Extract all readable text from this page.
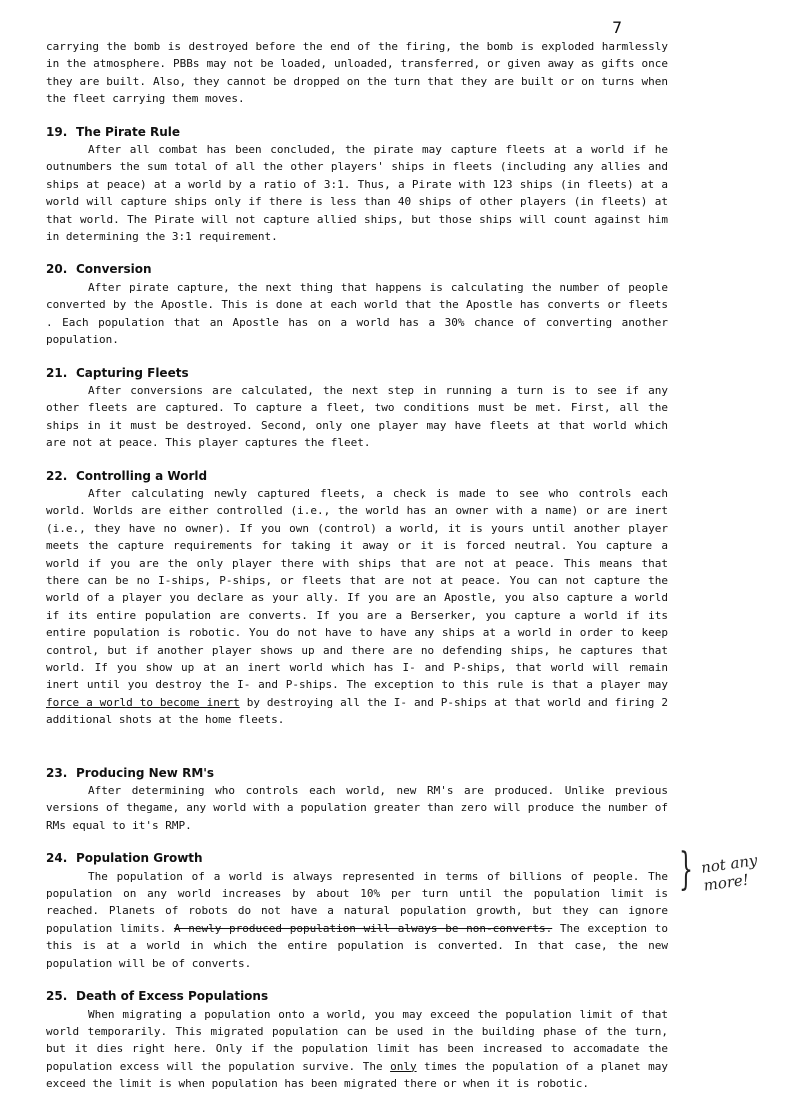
7

carrying the bomb is destroyed before the end of the firing, the bomb is exploded harmlessly in the atmosphere. PBBs may not be loaded, unloaded, transferred, or given away as gifts once they are built. Also, they cannot be dropped on the turn that they are built or on turns when the fleet carrying them moves.

19. The Pirate Rule

After all combat has been concluded, the pirate may capture fleets at a world if he outnumbers the sum total of all the other players' ships in fleets (including any allies and ships at peace) at a world by a ratio of 3:1. Thus, a Pirate with 123 ships (in fleets) at a world will capture ships only if there is less than 40 ships of other players (in fleets) at that world. The Pirate will not capture allied ships, but those ships will count against him in determining the 3:1 requirement.

20. Conversion

After pirate capture, the next thing that happens is calculating the number of people converted by the Apostle. This is done at each world that the Apostle has converts or fleets . Each population that an Apostle has on a world has a 30% chance of converting another population.

21. Capturing Fleets

After conversions are calculated, the next step in running a turn is to see if any other fleets are captured. To capture a fleet, two conditions must be met. First, all the ships in it must be destroyed. Second, only one player may have fleets at that world which are not at peace. This player captures the fleet.

22. Controlling a World

After calculating newly captured fleets, a check is made to see who controls each world. Worlds are either controlled (i.e., the world has an owner with a name) or are inert (i.e., they have no owner). If you own (control) a world, it is yours until another player meets the capture requirements for taking it away or it is forced neutral. You capture a world if you are the only player there with ships that are not at peace. This means that there can be no I-ships, P-ships, or fleets that are not at peace. You can not capture the world of a player you declare as your ally. If you are an Apostle, you also capture a world if its entire population are converts. If you are a Berserker, you capture a world if its entire population is robotic. You do not have to have any ships at a world in order to keep control, but if another player shows up and there are no defending ships, he captures that world. If you show up at an inert world which has I- and P-ships, that world will remain inert until you destroy the I- and P-ships. The exception to this rule is that a player may force a world to become inert by destroying all the I- and P-ships at that world and firing 2 additional shots at the home fleets.

23. Producing New RM's

After determining who controls each world, new RM's are produced. Unlike previous versions of thegame, any world with a population greater than zero will produce the number of RMs equal to it's RMP.

24. Population Growth

The population of a world is always represented in terms of billions of people. The population on any world increases by about 10% per turn until the population limit is reached. Planets of robots do not have a natural population growth, but they can ignore population limits. A newly produced population will always be non-converts. The exception to this is at a world in which the entire population is converted. In that case, the new population will be of converts.

25. Death of Excess Populations

When migrating a population onto a world, you may exceed the population limit of that world temporarily. This migrated population can be used in the building phase of the turn, but it dies right here. Only if the population limit has been increased to accomadate the population excess will the population survive. The only times the population of a planet may exceed the limit is when population has been migrated there or when it is robotic.

} not any more!
